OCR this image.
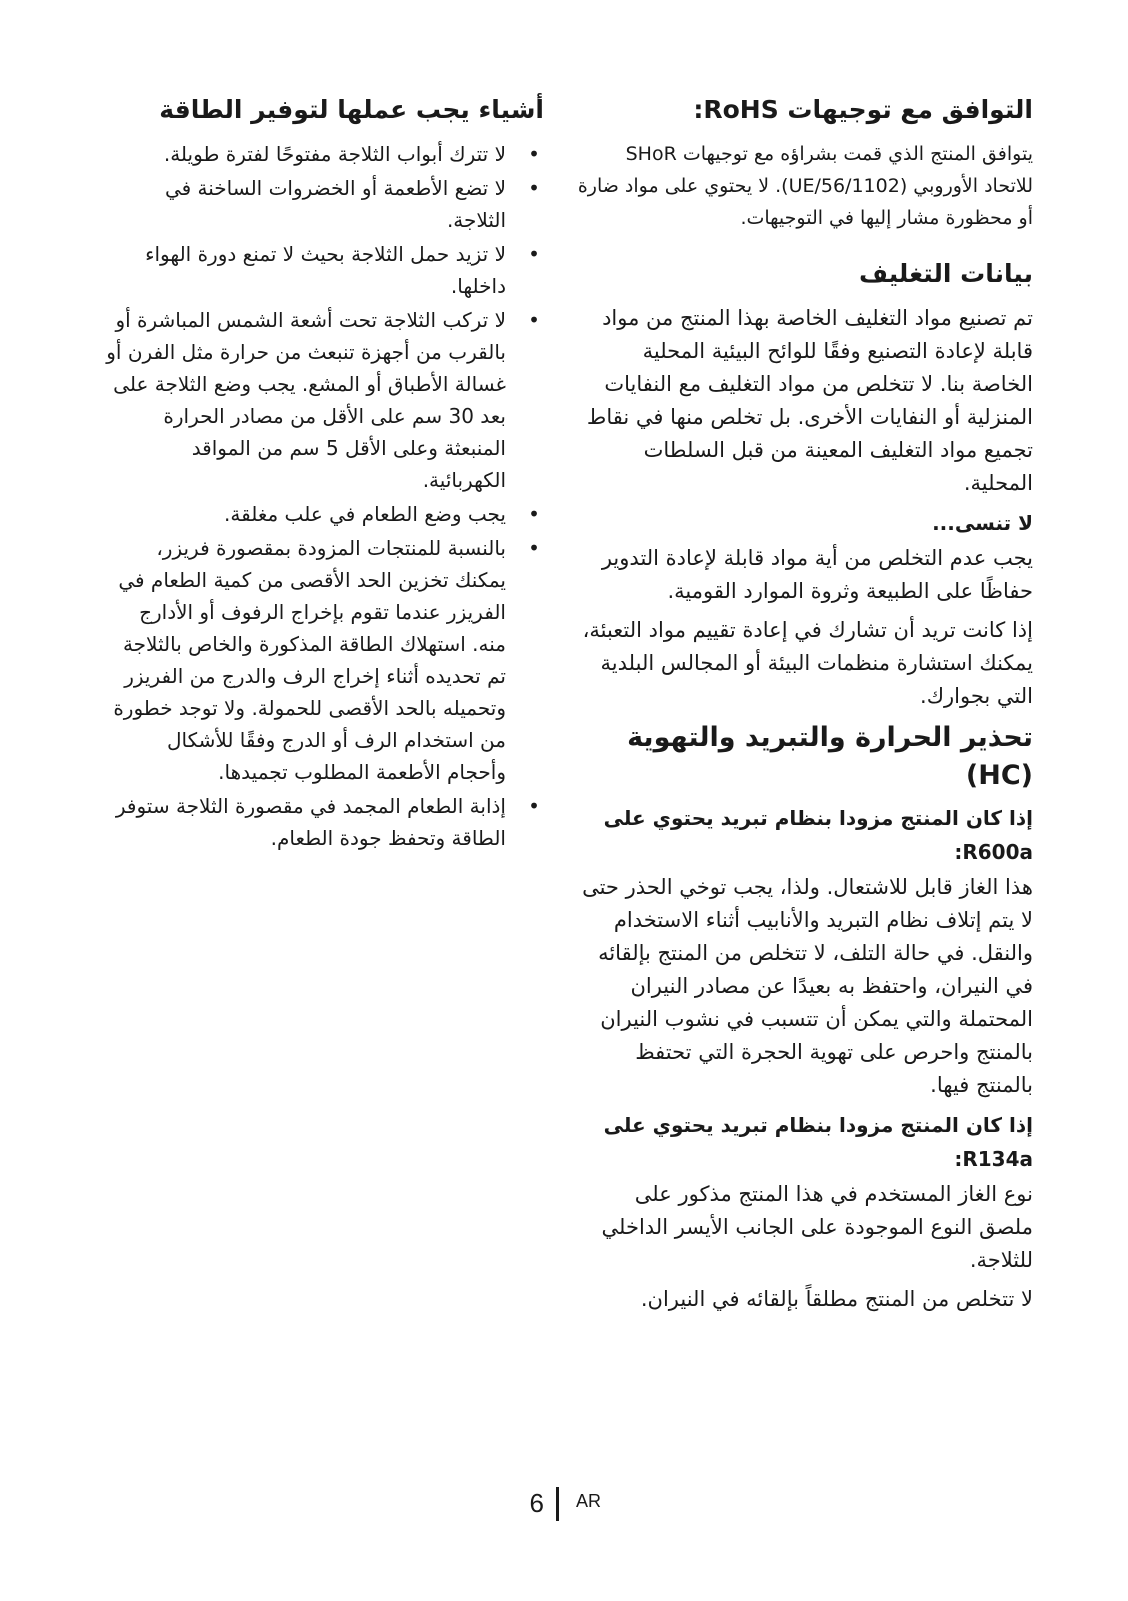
التوافق مع توجيهات RoHS:

يتوافق المنتج الذي قمت بشراؤه مع توجيهات SHoR للاتحاد الأوروبي (UE/56/1102). لا يحتوي على مواد ضارة أو محظورة مشار إليها في التوجيهات.

بيانات التغليف

تم تصنيع مواد التغليف الخاصة بهذا المنتج من مواد قابلة لإعادة التصنيع وفقًا للوائح البيئية المحلية الخاصة بنا. لا تتخلص من مواد التغليف مع النفايات المنزلية أو النفايات الأخرى. بل تخلص منها في نقاط تجميع مواد التغليف المعينة من قبل السلطات المحلية.

لا تنسى...

يجب عدم التخلص من أية مواد قابلة لإعادة التدوير حفاظًا على الطبيعة وثروة الموارد القومية.

إذا كانت تريد أن تشارك في إعادة تقييم مواد التعبئة، يمكنك استشارة منظمات البيئة أو المجالس البلدية التي بجوارك.

تحذير الحرارة والتبريد والتهوية (HC)
إذا كان المنتج مزودا بنظام تبريد يحتوي على R600a:

هذا الغاز قابل للاشتعال. ولذا، يجب توخي الحذر حتى لا يتم إتلاف نظام التبريد والأنابيب أثناء الاستخدام والنقل. في حالة التلف، لا تتخلص من المنتج بإلقائه في النيران، واحتفظ به بعيدًا عن مصادر النيران المحتملة والتي يمكن أن تتسبب في نشوب النيران بالمنتج واحرص على تهوية الحجرة التي تحتفظ بالمنتج فيها.

إذا كان المنتج مزودا بنظام تبريد يحتوي على R134a:

نوع الغاز المستخدم في هذا المنتج مذكور على ملصق النوع الموجودة على الجانب الأيسر الداخلي للثلاجة.

لا تتخلص من المنتج مطلقاً بإلقائه في النيران.

أشياء يجب عملها لتوفير الطاقة
• لا تترك أبواب الثلاجة مفتوحًا لفترة طويلة.
• لا تضع الأطعمة أو الخضروات الساخنة في الثلاجة.
• لا تزيد حمل الثلاجة بحيث لا تمنع دورة الهواء داخلها.
• لا تركب الثلاجة تحت أشعة الشمس المباشرة أو بالقرب من أجهزة تنبعث من حرارة مثل الفرن أو غسالة الأطباق أو المشع. يجب وضع الثلاجة على بعد 30 سم على الأقل من مصادر الحرارة المنبعثة وعلى الأقل 5 سم من المواقد الكهربائية.
• يجب وضع الطعام في علب مغلقة.
• بالنسبة للمنتجات المزودة بمقصورة فريزر، يمكنك تخزين الحد الأقصى من كمية الطعام في الفريزر عندما تقوم بإخراج الرفوف أو الأدارج منه. استهلاك الطاقة المذكورة والخاص بالثلاجة تم تحديده أثناء إخراج الرف والدرج من الفريزر وتحميله بالحد الأقصى للحمولة. ولا توجد خطورة من استخدام الرف أو الدرج وفقًا للأشكال وأحجام الأطعمة المطلوب تجميدها.
• إذابة الطعام المجمد في مقصورة الثلاجة ستوفر الطاقة وتحفظ جودة الطعام.
6 AR
